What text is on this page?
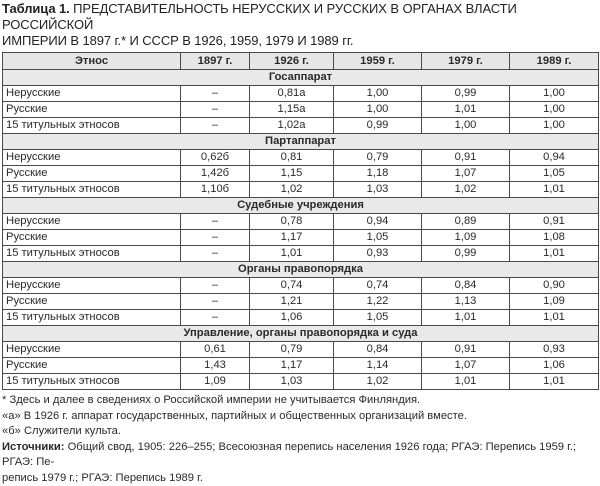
Таблица 1. ПРЕДСТАВИТЕЛЬНОСТЬ НЕРУССКИХ И РУССКИХ В ОРГАНАХ ВЛАСТИ РОССИЙСКОЙ
ИМПЕРИИ В 1897 г.* И СССР В 1926, 1959, 1979 И 1989 гг.
Этнос	1897 г.	1926 г.	1959 г.	1979 г.	1989 г.
Госаппарат					
Нерусские	–	0,81а	1,00	0,99	1,00
Русские	–	1,15а	1,00	1,01	1,00
15 титульных этносов	–	1,02а	0,99	1,00	1,00
Партаппарат					
Нерусские	0,62б	0,81	0,79	0,91	0,94
Русские	1,42б	1,15	1,18	1,07	1,05
15 титульных этносов	1,10б	1,02	1,03	1,02	1,01
Судебные учреждения					
Нерусские	–	0,78	0,94	0,89	0,91
Русские	–	1,17	1,05	1,09	1,08
15 титульных этносов	–	1,01	0,93	0,99	1,01
Органы правопорядка					
Нерусские	–	0,74	0,74	0,84	0,90
Русские	–	1,21	1,22	1,13	1,09
15 титульных этносов	–	1,06	1,05	1,01	1,01
Управление, органы правопорядка и суда					
Нерусские	0,61	0,79	0,84	0,91	0,93
Русские	1,43	1,17	1,14	1,07	1,06
15 титульных этносов	1,09	1,03	1,02	1,01	1,01
* Здесь и далее в сведениях о Российской империи не учитывается Финляндия.
«а» В 1926 г. аппарат государственных, партийных и общественных организаций вместе.
«б» Служители культа.
Источники: Общий свод, 1905: 226–255; Всесоюзная перепись населения 1926 года; РГАЭ: Перепись 1959 г.; РГАЭ: Пе-
репись 1979 г.; РГАЭ: Перепись 1989 г.
